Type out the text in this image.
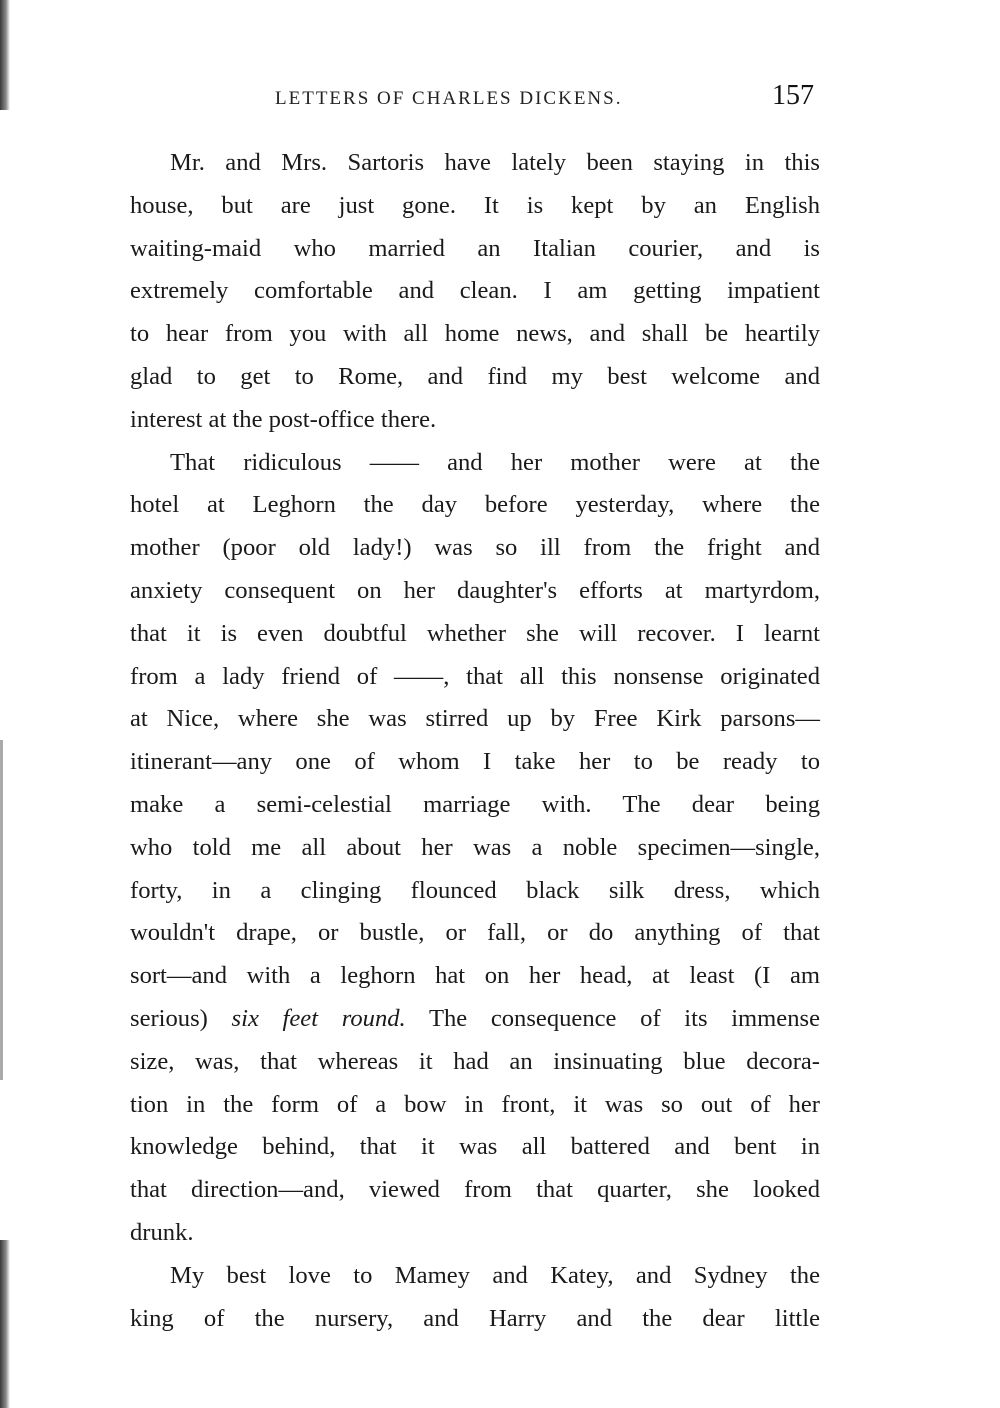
LETTERS OF CHARLES DICKENS.	157
Mr. and Mrs. Sartoris have lately been staying in this
house, but are just gone. It is kept by an English
waiting-maid who married an Italian courier, and is
extremely comfortable and clean. I am getting impatient
to hear from you with all home news, and shall be heartily
glad to get to Rome, and find my best welcome and
interest at the post-office there.
That ridiculous —— and her mother were at the
hotel at Leghorn the day before yesterday, where the
mother (poor old lady!) was so ill from the fright and
anxiety consequent on her daughter's efforts at martyrdom,
that it is even doubtful whether she will recover. I learnt
from a lady friend of ——, that all this nonsense originated
at Nice, where she was stirred up by Free Kirk parsons—
itinerant—any one of whom I take her to be ready to
make a semi-celestial marriage with. The dear being
who told me all about her was a noble specimen—single,
forty, in a clinging flounced black silk dress, which
wouldn't drape, or bustle, or fall, or do anything of that
sort—and with a leghorn hat on her head, at least (I am
serious) six feet round. The consequence of its immense
size, was, that whereas it had an insinuating blue decora-
tion in the form of a bow in front, it was so out of her
knowledge behind, that it was all battered and bent in
that direction—and, viewed from that quarter, she looked
drunk.
My best love to Mamey and Katey, and Sydney the
king of the nursery, and Harry and the dear little
